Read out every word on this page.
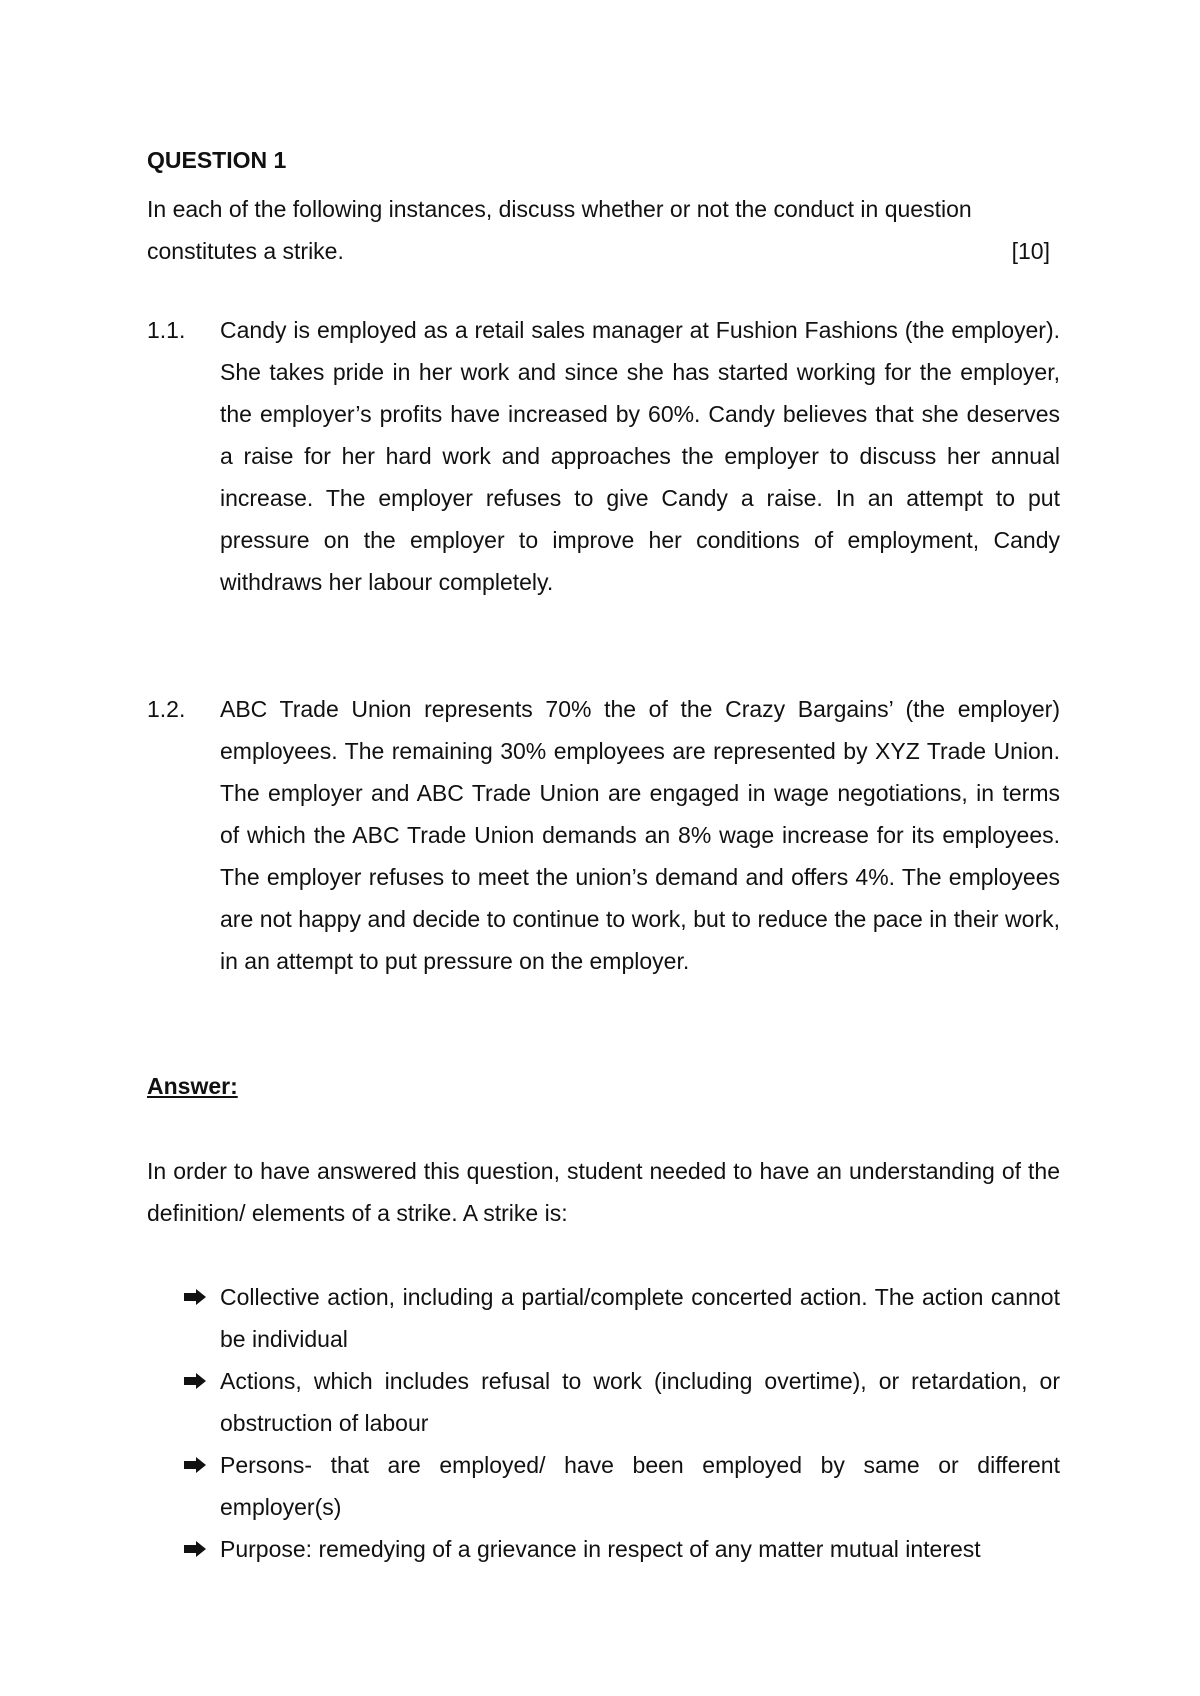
QUESTION 1
In each of the following instances, discuss whether or not the conduct in question
constitutes a strike.	[10]
1.1. Candy is employed as a retail sales manager at Fushion Fashions (the employer). She takes pride in her work and since she has started working for the employer, the employer’s profits have increased by 60%. Candy believes that she deserves a raise for her hard work and approaches the employer to discuss her annual increase. The employer refuses to give Candy a raise. In an attempt to put pressure on the employer to improve her conditions of employment, Candy withdraws her labour completely.
1.2. ABC Trade Union represents 70% the of the Crazy Bargains’ (the employer) employees. The remaining 30% employees are represented by XYZ Trade Union. The employer and ABC Trade Union are engaged in wage negotiations, in terms of which the ABC Trade Union demands an 8% wage increase for its employees. The employer refuses to meet the union’s demand and offers 4%. The employees are not happy and decide to continue to work, but to reduce the pace in their work, in an attempt to put pressure on the employer.
Answer:
In order to have answered this question, student needed to have an understanding of the definition/ elements of a strike. A strike is:
Collective action, including a partial/complete concerted action. The action cannot be individual
Actions, which includes refusal to work (including overtime), or retardation, or obstruction of labour
Persons- that are employed/ have been employed by same or different employer(s)
Purpose: remedying of a grievance in respect of any matter mutual interest
